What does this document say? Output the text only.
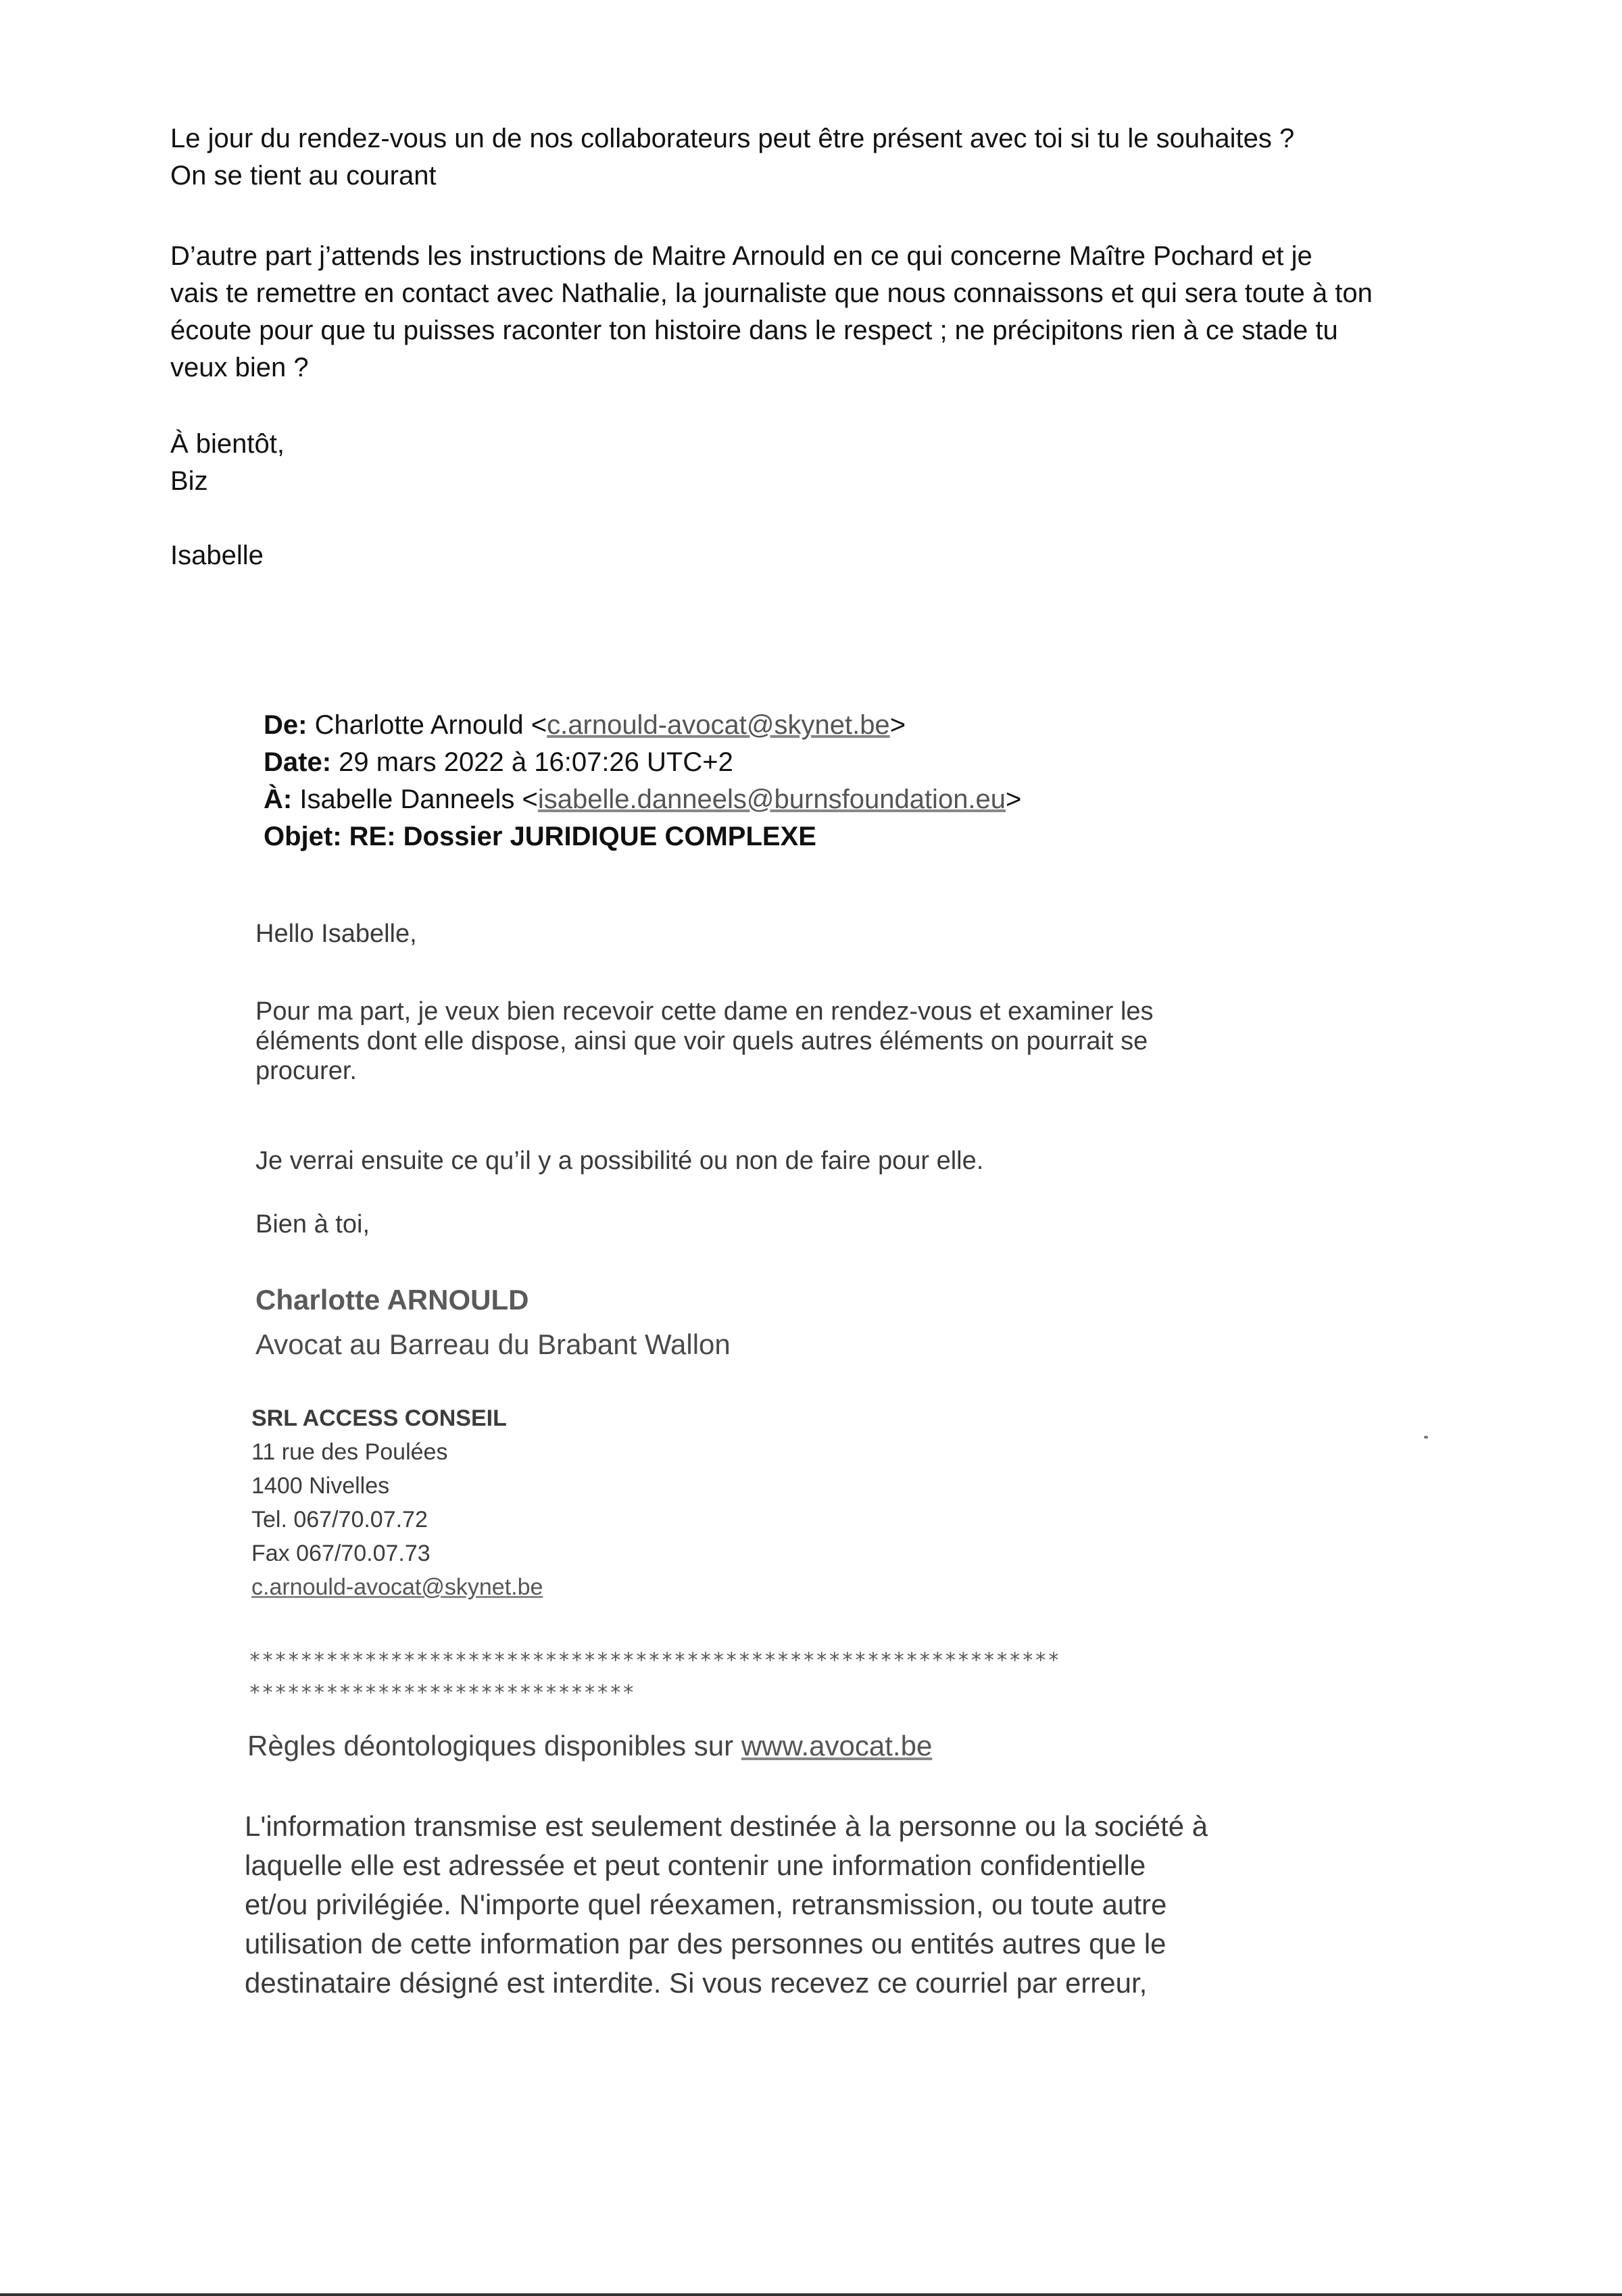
Le jour du rendez-vous un de nos collaborateurs peut être présent avec toi si tu le souhaites ?
On se tient au courant
D’autre part j’attends les instructions de Maitre Arnould en ce qui concerne Maître Pochard et je
vais te remettre en contact avec Nathalie, la journaliste que nous connaissons et qui sera toute à ton
écoute pour que tu puisses raconter ton histoire dans le respect ; ne précipitons rien à ce stade tu
veux bien ?
À bientôt,
Biz
Isabelle
De: Charlotte Arnould <c.arnould-avocat@skynet.be>
Date: 29 mars 2022 à 16:07:26 UTC+2
À: Isabelle Danneels <isabelle.danneels@burnsfoundation.eu>
Objet: RE: Dossier JURIDIQUE COMPLEXE
Hello Isabelle,
Pour ma part, je veux bien recevoir cette dame en rendez-vous et examiner les
éléments dont elle dispose, ainsi que voir quels autres éléments on pourrait se
procurer.
Je verrai ensuite ce qu’il y a possibilité ou non de faire pour elle.
Bien à toi,
Charlotte ARNOULD
Avocat au Barreau du Brabant Wallon
SRL ACCESS CONSEIL
11 rue des Poulées
1400 Nivelles
Tel. 067/70.07.72
Fax 067/70.07.73
c.arnould-avocat@skynet.be
***************************************************************
******************************
Règles déontologiques disponibles sur www.avocat.be
L'information transmise est seulement destinée à la personne ou la société à
laquelle elle est adressée et peut contenir une information confidentielle
et/ou privilégiée. N'importe quel réexamen, retransmission, ou toute autre
utilisation de cette information par des personnes ou entités autres que le
destinataire désigné est interdite. Si vous recevez ce courriel par erreur,
